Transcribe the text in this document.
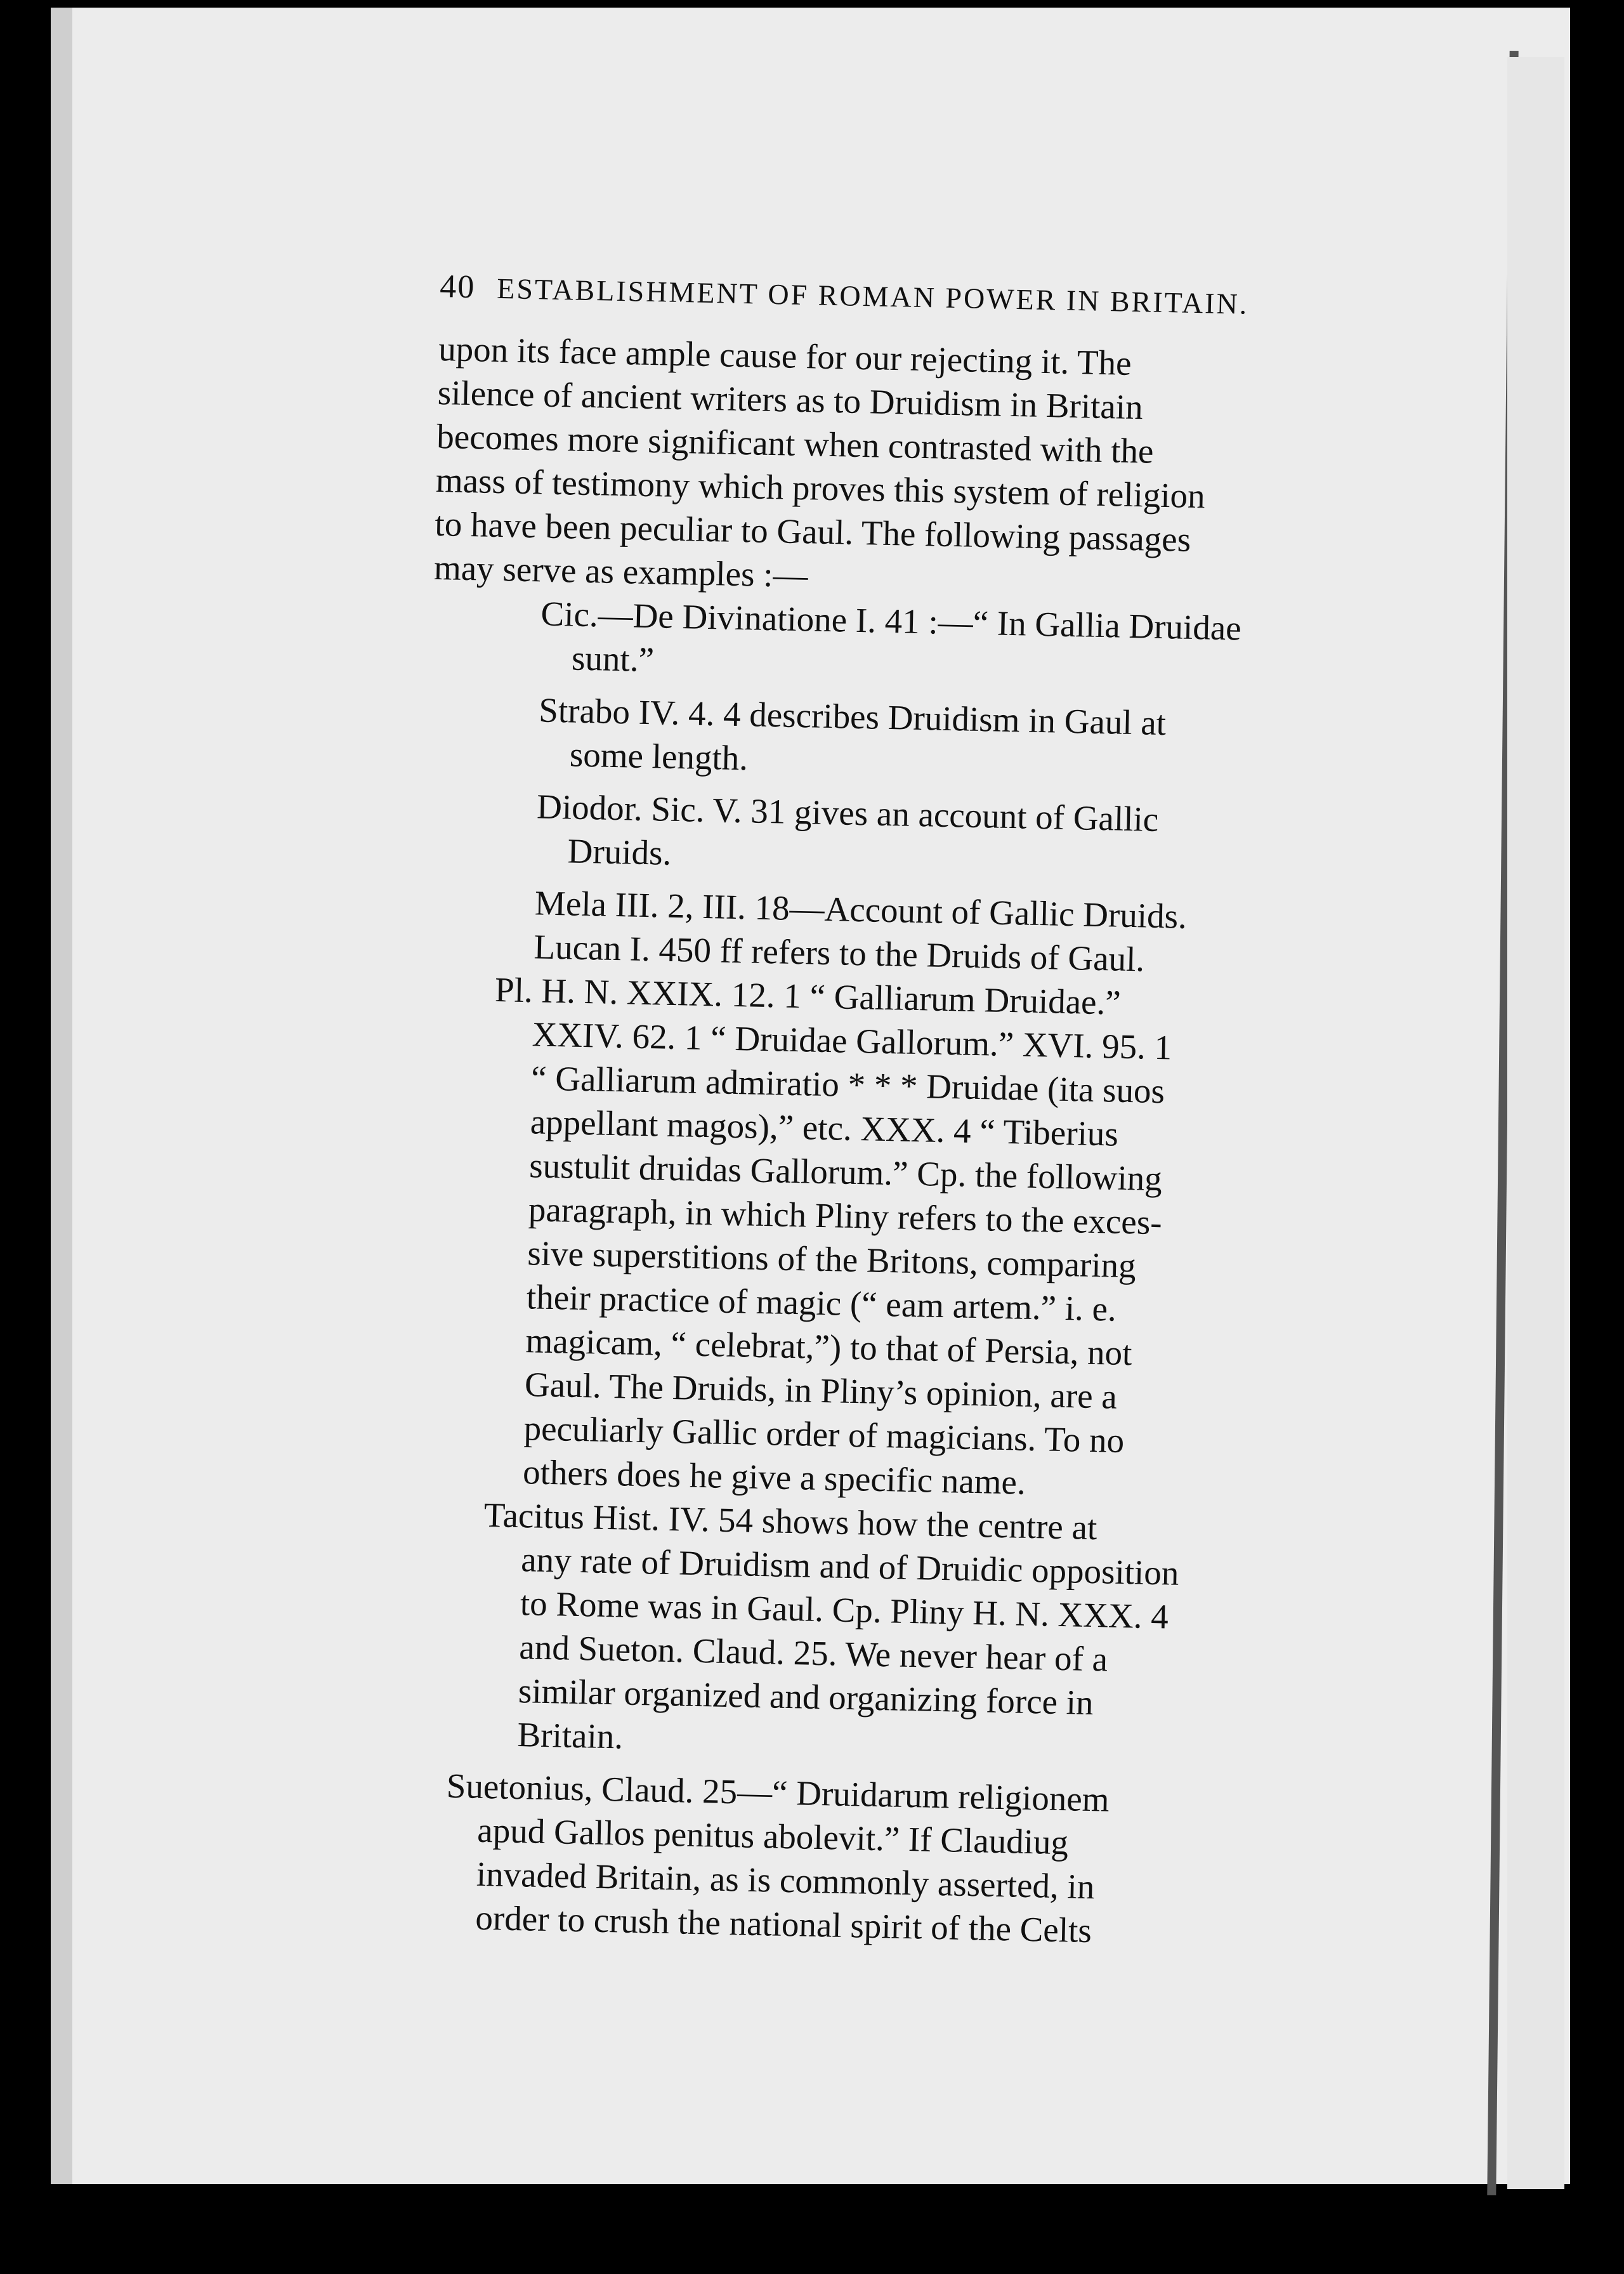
40 ESTABLISHMENT OF ROMAN POWER IN BRITAIN.

upon its face ample cause for our rejecting it. The
silence of ancient writers as to Druidism in Britain
becomes more significant when contrasted with the
mass of testimony which proves this system of religion
to have been peculiar to Gaul. The following passages
may serve as examples :—

Cic.—De Divinatione I. 41 :—“ In Gallia Druidae
sunt.”
Strabo IV. 4. 4 describes Druidism in Gaul at
some length.
Diodor. Sic. V. 31 gives an account of Gallic
Druids.
Mela III. 2, III. 18—Account of Gallic Druids.
Lucan I. 450 ff refers to the Druids of Gaul.
Pl. H. N. XXIX. 12. 1 “ Galliarum Druidae.”
XXIV. 62. 1 “ Druidae Gallorum.” XVI. 95. 1
“ Galliarum admiratio * * * Druidae (ita suos
appellant magos),” etc. XXX. 4 “ Tiberius
sustulit druidas Gallorum.” Cp. the following
paragraph, in which Pliny refers to the exces-
sive superstitions of the Britons, comparing
their practice of magic (“ eam artem.” i. e.
magicam, “ celebrat,”) to that of Persia, not
Gaul. The Druids, in Pliny’s opinion, are a
peculiarly Gallic order of magicians. To no
others does he give a specific name.
Tacitus Hist. IV. 54 shows how the centre at
any rate of Druidism and of Druidic opposition
to Rome was in Gaul. Cp. Pliny H. N. XXX. 4
and Sueton. Claud. 25. We never hear of a
similar organized and organizing force in
Britain.
Suetonius, Claud. 25—“ Druidarum religionem
apud Gallos penitus abolevit.” If Claudiug
invaded Britain, as is commonly asserted, in
order to crush the national spirit of the Celts
